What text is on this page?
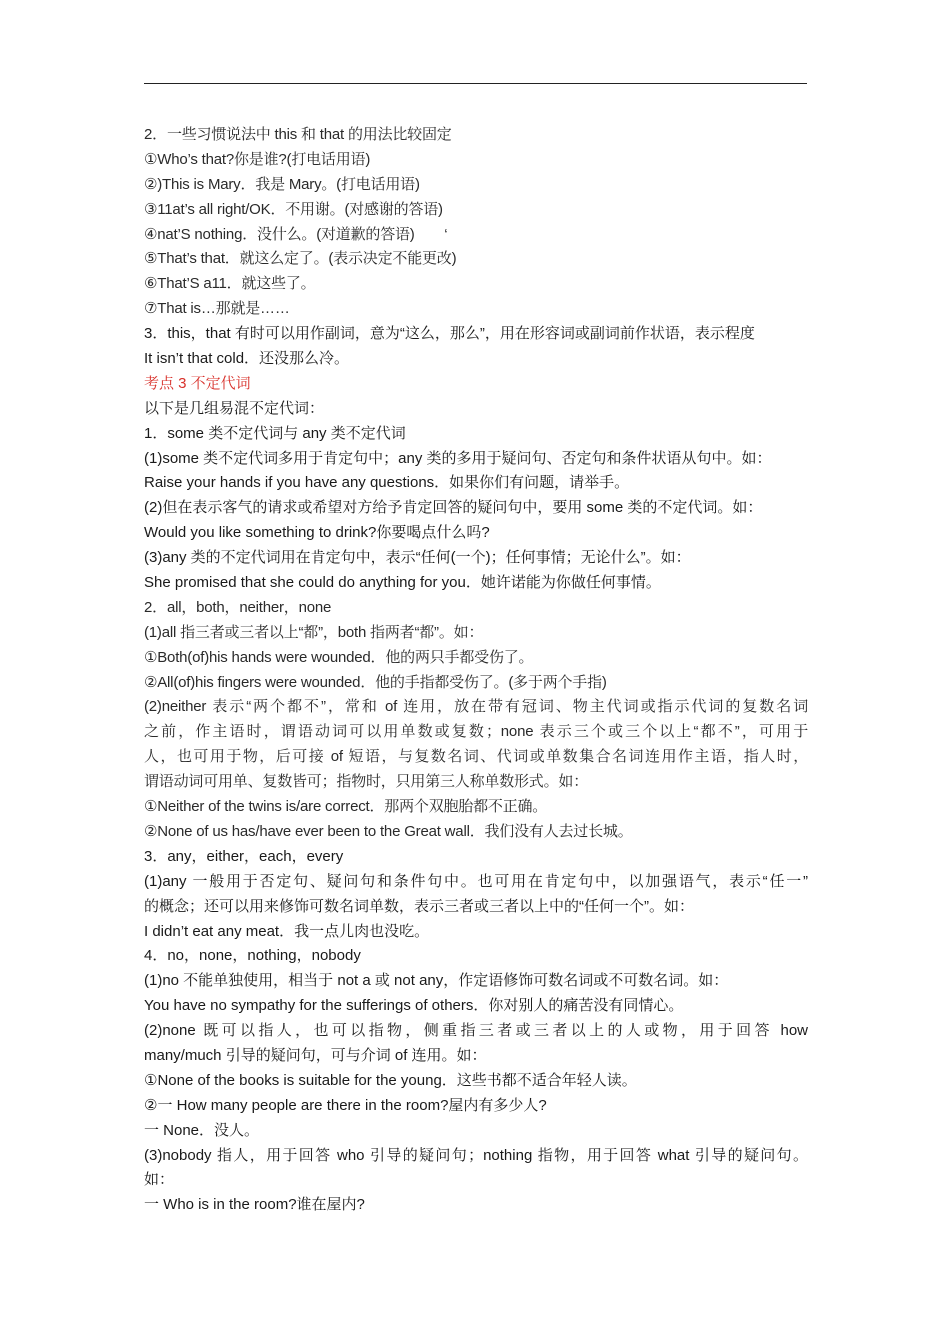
2．一些习惯说法中 this 和 that 的用法比较固定
①Who’s that?你是谁?(打电话用语)
②)This is Mary．我是 Mary。(打电话用语)
③11at’s all right/OK．不用谢。(对感谢的答语)
④nat’S nothing．没什么。(对道歉的答语)　　‘
⑤That’s that．就这么定了。(表示决定不能更改)
⑥That’S a11．就这些了。
⑦That is…那就是……
3．this，that 有时可以用作副词，意为“这么，那么”，用在形容词或副词前作状语，表示程度
It isn’t that cold．还没那么冷。
考点 3 不定代词
以下是几组易混不定代词：
1．some 类不定代词与 any 类不定代词
(1)some 类不定代词多用于肯定句中；any 类的多用于疑问句、否定句和条件状语从句中。如：
Raise your hands if you have any questions．如果你们有问题，请举手。
(2)但在表示客气的请求或希望对方给予肯定回答的疑问句中，要用 some 类的不定代词。如：
Would you like something to drink?你要喝点什么吗?
(3)any 类的不定代词用在肯定句中，表示“任何(一个)；任何事情；无论什么”。如：
She promised that she could do anything for you．她许诺能为你做任何事情。
2．all，both，neither，none
(1)all 指三者或三者以上“都”，both 指两者“都”。如：
①Both(of)his hands were wounded．他的两只手都受伤了。
②All(of)his fingers were wounded．他的手指都受伤了。(多于两个手指)
(2)neither 表示“两个都不”，常和 of 连用，放在带有冠词、物主代词或指示代词的复数名词
之前，作主语时，谓语动词可以用单数或复数；none 表示三个或三个以上“都不”，可用于
人，也可用于物，后可接 of 短语，与复数名词、代词或单数集合名词连用作主语，指人时，
谓语动词可用单、复数皆可；指物时，只用第三人称单数形式。如：
①Neither of the twins is/are correct．那两个双胞胎都不正确。
②None of us has/have ever been to the Great wall．我们没有人去过长城。
3．any，either，each，every
(1)any 一般用于否定句、疑问句和条件句中。也可用在肯定句中，以加强语气，表示“任一”
的概念；还可以用来修饰可数名词单数，表示三者或三者以上中的“任何一个”。如：
I didn’t eat any meat．我一点儿肉也没吃。
4．no，none，nothing，nobody
(1)no 不能单独使用，相当于 not a 或 not any，作定语修饰可数名词或不可数名词。如：
You have no sympathy for the sufferings of others．你对别人的痛苦没有同情心。
(2)none 既可以指人，也可以指物，侧重指三者或三者以上的人或物，用于回答 how
many/much 引导的疑问句，可与介词 of 连用。如：
①None of the books is suitable for the young．这些书都不适合年轻人读。
②一 How many people are there in the room?屋内有多少人?
一 None．没人。
(3)nobody 指人，用于回答 who 引导的疑问句；nothing 指物，用于回答 what 引导的疑问句。
如：
一 Who is in the room?谁在屋内?
